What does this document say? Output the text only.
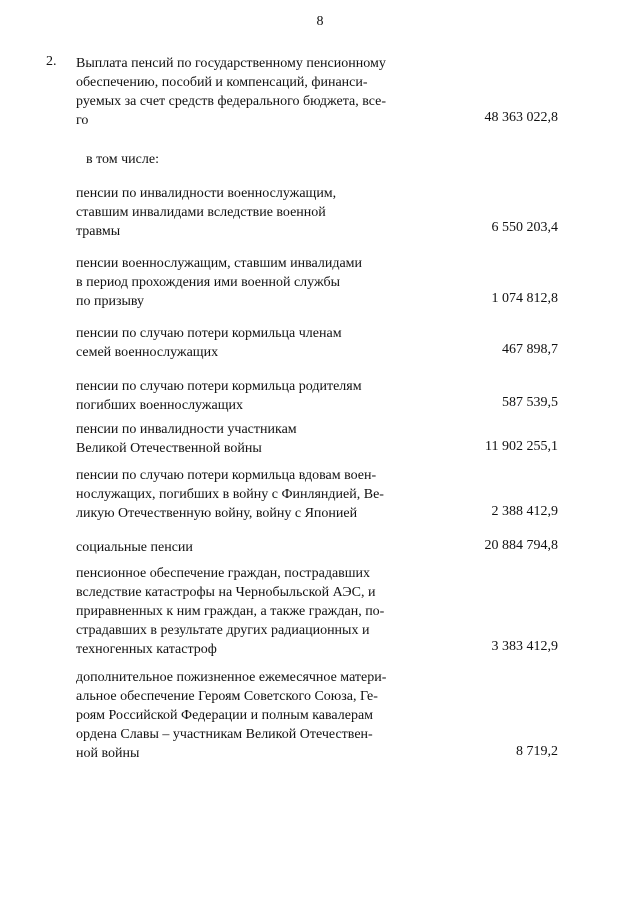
8
2. Выплата пенсий по государственному пенсионному
обеспечению, пособий и компенсаций, финанси-
руемых за счет средств федерального бюджета, все-
го	48 363 022,8
в том числе:
пенсии по инвалидности военнослужащим,
ставшим инвалидами вследствие военной
травмы	6 550 203,4
пенсии военнослужащим, ставшим инвалидами
в период прохождения ими военной службы
по призыву	1 074 812,8
пенсии по случаю потери кормильца членам
семей военнослужащих	467 898,7
пенсии по случаю потери кормильца родителям
погибших военнослужащих	587 539,5
пенсии по инвалидности участникам
Великой Отечественной войны	11 902 255,1
пенсии по случаю потери кормильца вдовам воен-
нослужащих, погибших в войну с Финляндией, Ве-
ликую Отечественную войну, войну с Японией	2 388 412,9
социальные пенсии	20 884 794,8
пенсионное обеспечение граждан, пострадавших
вследствие катастрофы на Чернобыльской АЭС, и
приравненных к ним граждан, а также граждан, по-
страдавших в результате других радиационных и
техногенных катастроф	3 383 412,9
дополнительное пожизненное ежемесячное матери-
альное обеспечение Героям Советского Союза, Ге-
роям Российской Федерации и полным кавалерам
ордена Славы – участникам Великой Отечествен-
ной войны	8 719,2
